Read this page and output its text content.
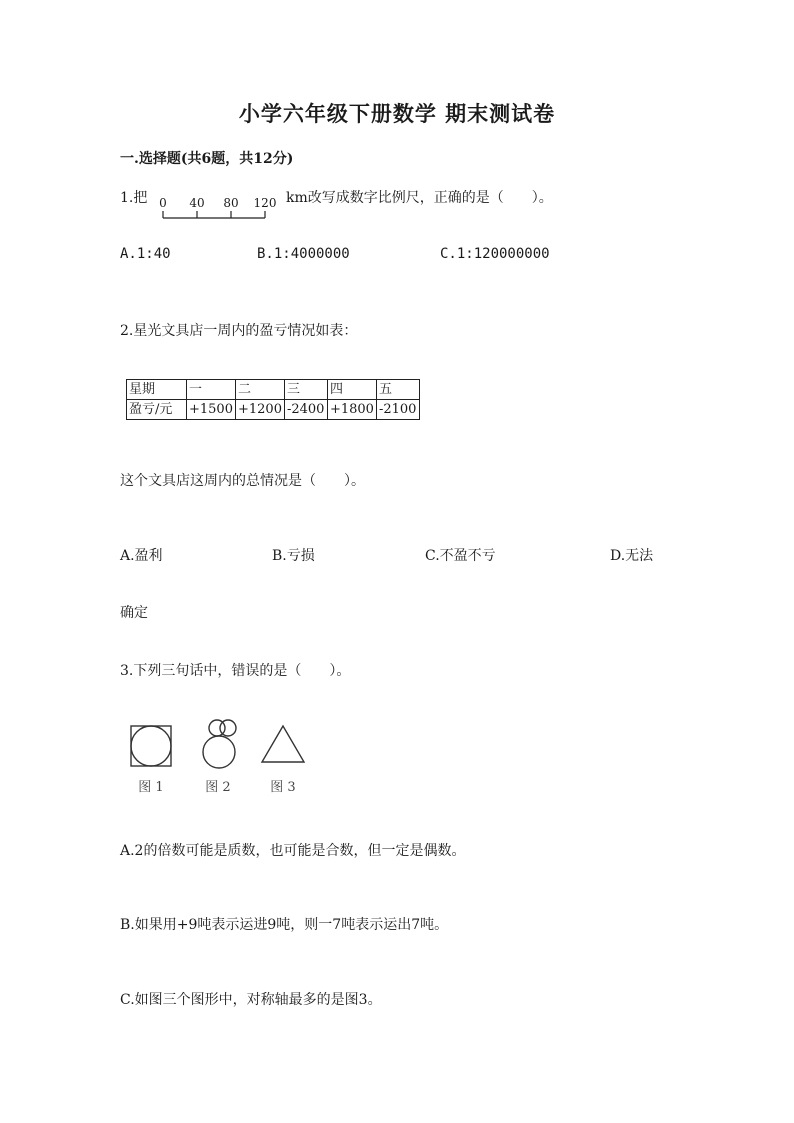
小学六年级下册数学 期末测试卷
一.选择题(共6题，共12分)
1.把 0 40 80 120 km改写成数字比例尺，正确的是（　　）。
A.1:40	B.1:4000000	C.1:120000000
2.星光文具店一周内的盈亏情况如表：
星期	一	二	三	四	五
盈亏/元	+1500	+1200	-2400	+1800	-2100
这个文具店这周内的总情况是（　　）。
A.盈利	B.亏损	C.不盈不亏	D.无法
确定
3.下列三句话中，错误的是（　　）。
图 1	图 2	图 3
A.2的倍数可能是质数，也可能是合数，但一定是偶数。
B.如果用+9吨表示运进9吨，则一7吨表示运出7吨。
C.如图三个图形中，对称轴最多的是图3。
